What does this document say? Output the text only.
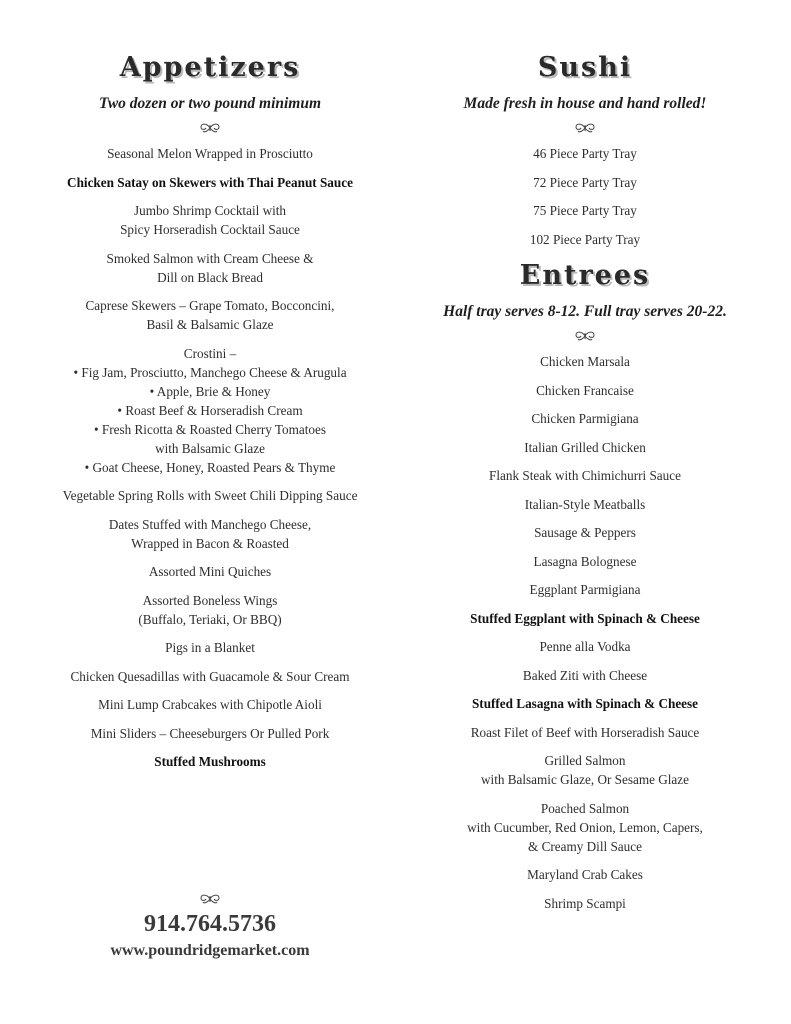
Appetizers
Two dozen or two pound minimum
Seasonal Melon Wrapped in Prosciutto
Chicken Satay on Skewers with Thai Peanut Sauce
Jumbo Shrimp Cocktail with
Spicy Horseradish Cocktail Sauce
Smoked Salmon with Cream Cheese &
Dill on Black Bread
Caprese Skewers – Grape Tomato, Bocconcini,
Basil & Balsamic Glaze
Crostini –
• Fig Jam, Prosciutto, Manchego Cheese & Arugula
• Apple, Brie & Honey
• Roast Beef & Horseradish Cream
• Fresh Ricotta & Roasted Cherry Tomatoes
with Balsamic Glaze
• Goat Cheese, Honey, Roasted Pears & Thyme
Vegetable Spring Rolls with Sweet Chili Dipping Sauce
Dates Stuffed with Manchego Cheese,
Wrapped in Bacon & Roasted
Assorted Mini Quiches
Assorted Boneless Wings
(Buffalo, Teriaki, Or BBQ)
Pigs in a Blanket
Chicken Quesadillas with Guacamole & Sour Cream
Mini Lump Crabcakes with Chipotle Aioli
Mini Sliders – Cheeseburgers Or Pulled Pork
Stuffed Mushrooms
Sushi
Made fresh in house and hand rolled!
46 Piece Party Tray
72 Piece Party Tray
75 Piece Party Tray
102 Piece Party Tray
Entrees
Half tray serves 8-12. Full tray serves 20-22.
Chicken Marsala
Chicken Francaise
Chicken Parmigiana
Italian Grilled Chicken
Flank Steak with Chimichurri Sauce
Italian-Style Meatballs
Sausage & Peppers
Lasagna Bolognese
Eggplant Parmigiana
Stuffed Eggplant with Spinach & Cheese
Penne alla Vodka
Baked Ziti with Cheese
Stuffed Lasagna with Spinach & Cheese
Roast Filet of Beef with Horseradish Sauce
Grilled Salmon
with Balsamic Glaze, Or Sesame Glaze
Poached Salmon
with Cucumber, Red Onion, Lemon, Capers,
& Creamy Dill Sauce
Maryland Crab Cakes
Shrimp Scampi
914.764.5736
www.poundridgemarket.com
